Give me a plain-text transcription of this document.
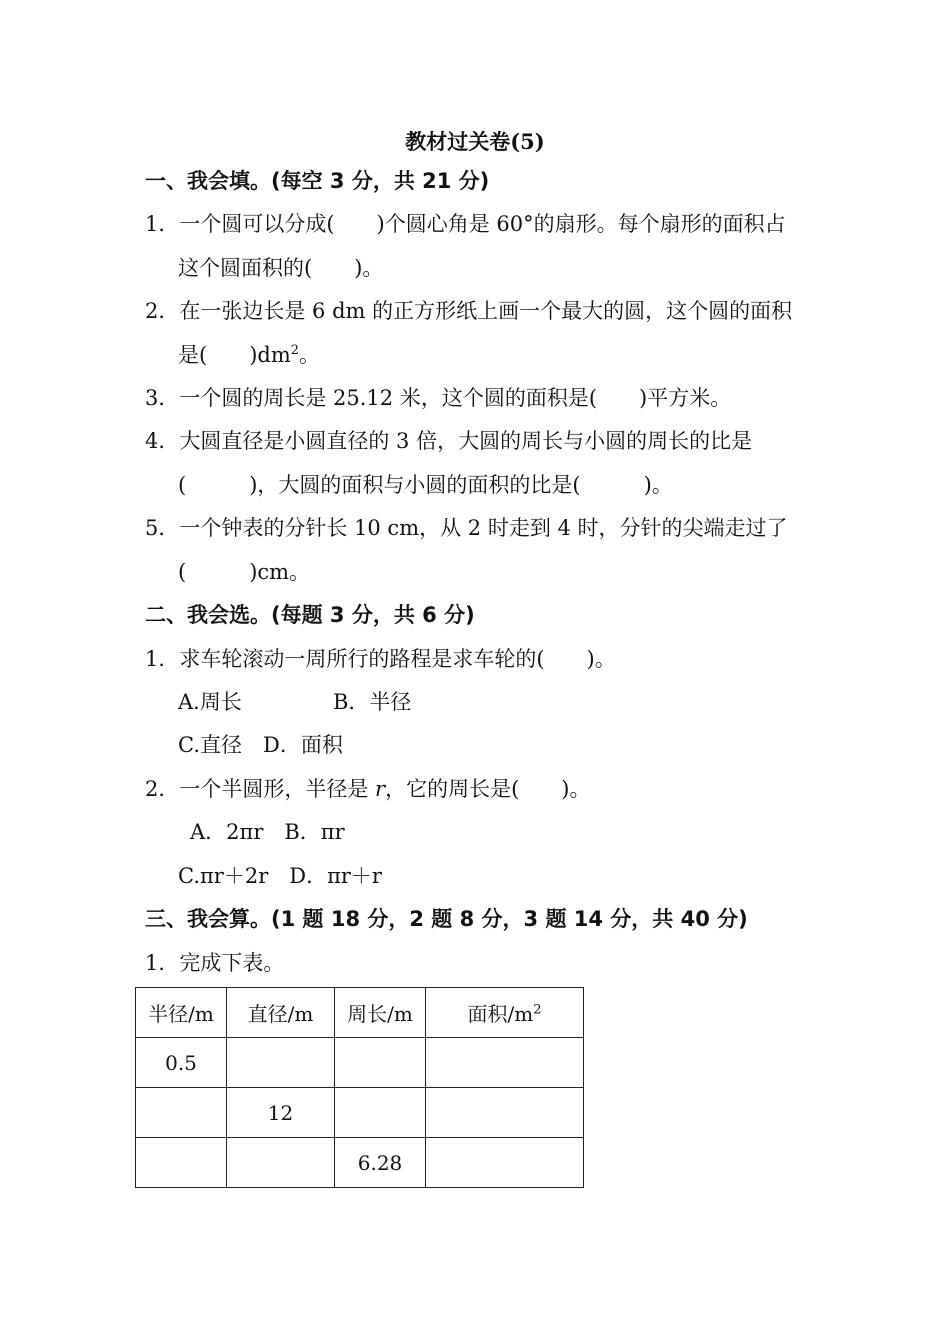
教材过关卷(5)
一、我会填。(每空 3 分，共 21 分)
1．一个圆可以分成(　　)个圆心角是 60°的扇形。每个扇形的面积占
这个圆面积的(　　)。
2．在一张边长是 6 dm 的正方形纸上画一个最大的圆，这个圆的面积
是(　　)$dm^2$。
3．一个圆的周长是 25.12 米，这个圆的面积是(　　)平方米。
4．大圆直径是小圆直径的 3 倍，大圆的周长与小圆的周长的比是
(　　　)，大圆的面积与小圆的面积的比是(　　　)。
5．一个钟表的分针长 10 cm，从 2 时走到 4 时，分针的尖端走过了
(　　　)cm。
二、我会选。(每题 3 分，共 6 分)
1．求车轮滚动一周所行的路程是求车轮的(　　)。
A.周长	B．半径
C.直径　D．面积
2．一个半圆形，半径是 r，它的周长是(　　)。
A．2πr　B．πr
C.πr＋2r　D．πr＋r
三、我会算。(1 题 18 分，2 题 8 分，3 题 14 分，共 40 分)
1．完成下表。
半径/m	直径/m	周长/m	面积$/m^2$
0.5			
	12		
		6.28	
